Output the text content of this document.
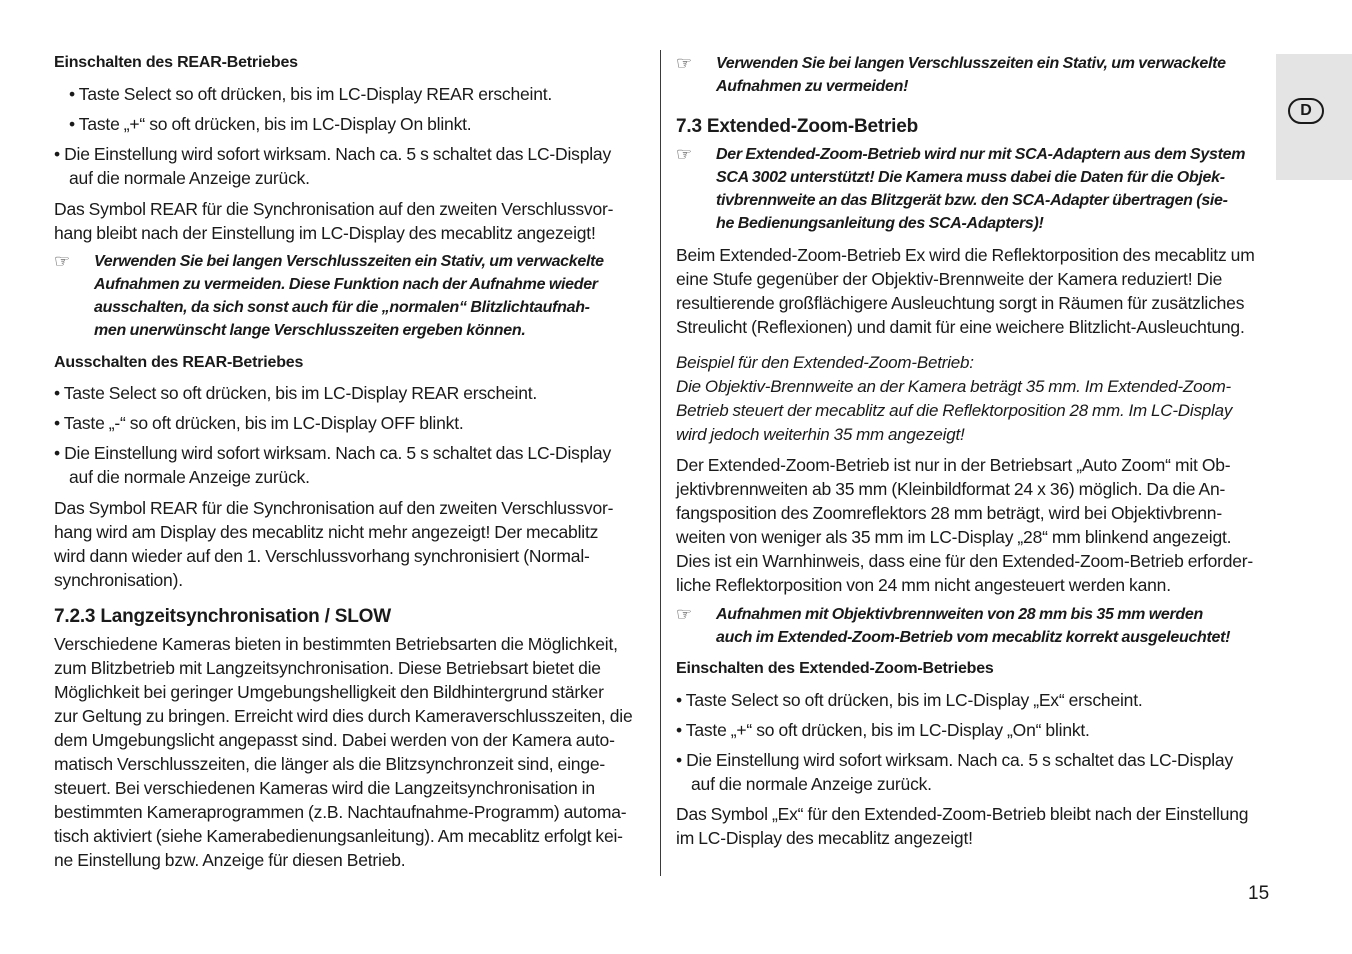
Einschalten des REAR-Betriebes
• Taste Select so oft drücken, bis im LC-Display REAR erscheint.
• Taste „+“ so oft drücken, bis im LC-Display On blinkt.
• Die Einstellung wird sofort wirksam. Nach ca. 5 s schaltet das LC-Display
auf die normale Anzeige zurück.
Das Symbol REAR für die Synchronisation auf den zweiten Verschlussvor-
hang bleibt nach der Einstellung im LC-Display des mecablitz angezeigt!
☞ Verwenden Sie bei langen Verschlusszeiten ein Stativ, um verwackelte
Aufnahmen zu vermeiden. Diese Funktion nach der Aufnahme wieder
ausschalten, da sich sonst auch für die „normalen“ Blitzlichtaufnah-
men unerwünscht lange Verschlusszeiten ergeben können.
Ausschalten des REAR-Betriebes
• Taste Select so oft drücken, bis im LC-Display REAR erscheint.
• Taste „-“ so oft drücken, bis im LC-Display OFF blinkt.
• Die Einstellung wird sofort wirksam. Nach ca. 5 s schaltet das LC-Display
auf die normale Anzeige zurück.
Das Symbol REAR für die Synchronisation auf den zweiten Verschlussvor-
hang wird am Display des mecablitz nicht mehr angezeigt! Der mecablitz
wird dann wieder auf den 1. Verschlussvorhang synchronisiert (Normal-
synchronisation).
7.2.3 Langzeitsynchronisation / SLOW
Verschiedene Kameras bieten in bestimmten Betriebsarten die Möglichkeit,
zum Blitzbetrieb mit Langzeitsynchronisation. Diese Betriebsart bietet die
Möglichkeit bei geringer Umgebungshelligkeit den Bildhintergrund stärker
zur Geltung zu bringen. Erreicht wird dies durch Kameraverschlusszeiten, die
dem Umgebungslicht angepasst sind. Dabei werden von der Kamera auto-
matisch Verschlusszeiten, die länger als die Blitzsynchronzeit sind, einge-
steuert. Bei verschiedenen Kameras wird die Langzeitsynchronisation in
bestimmten Kameraprogrammen (z.B. Nachtaufnahme-Programm) automa-
tisch aktiviert (siehe Kamerabedienungsanleitung). Am mecablitz erfolgt kei-
ne Einstellung bzw. Anzeige für diesen Betrieb.
☞ Verwenden Sie bei langen Verschlusszeiten ein Stativ, um verwackelte
Aufnahmen zu vermeiden!
7.3 Extended-Zoom-Betrieb
☞ Der Extended-Zoom-Betrieb wird nur mit SCA-Adaptern aus dem System
SCA 3002 unterstützt! Die Kamera muss dabei die Daten für die Objek-
tivbrennweite an das Blitzgerät bzw. den SCA-Adapter übertragen (sie-
he Bedienungsanleitung des SCA-Adapters)!
Beim Extended-Zoom-Betrieb Ex wird die Reflektorposition des mecablitz um
eine Stufe gegenüber der Objektiv-Brennweite der Kamera reduziert! Die
resultierende großflächigere Ausleuchtung sorgt in Räumen für zusätzliches
Streulicht (Reflexionen) und damit für eine weichere Blitzlicht-Ausleuchtung.
Beispiel für den Extended-Zoom-Betrieb:
Die Objektiv-Brennweite an der Kamera beträgt 35 mm. Im Extended-Zoom-
Betrieb steuert der mecablitz auf die Reflektorposition 28 mm. Im LC-Display
wird jedoch weiterhin 35 mm angezeigt!
Der Extended-Zoom-Betrieb ist nur in der Betriebsart „Auto Zoom“ mit Ob-
jektivbrennweiten ab 35 mm (Kleinbildformat 24 x 36) möglich. Da die An-
fangsposition des Zoomreflektors 28 mm beträgt, wird bei Objektivbrenn-
weiten von weniger als 35 mm im LC-Display „28“ mm blinkend angezeigt.
Dies ist ein Warnhinweis, dass eine für den Extended-Zoom-Betrieb erforder-
liche Reflektorposition von 24 mm nicht angesteuert werden kann.
☞ Aufnahmen mit Objektivbrennweiten von 28 mm bis 35 mm werden
auch im Extended-Zoom-Betrieb vom mecablitz korrekt ausgeleuchtet!
Einschalten des Extended-Zoom-Betriebes
• Taste Select so oft drücken, bis im LC-Display „Ex“ erscheint.
• Taste „+“ so oft drücken, bis im LC-Display „On“ blinkt.
• Die Einstellung wird sofort wirksam. Nach ca. 5 s schaltet das LC-Display
auf die normale Anzeige zurück.
Das Symbol „Ex“ für den Extended-Zoom-Betrieb bleibt nach der Einstellung
im LC-Display des mecablitz angezeigt!
D
15
